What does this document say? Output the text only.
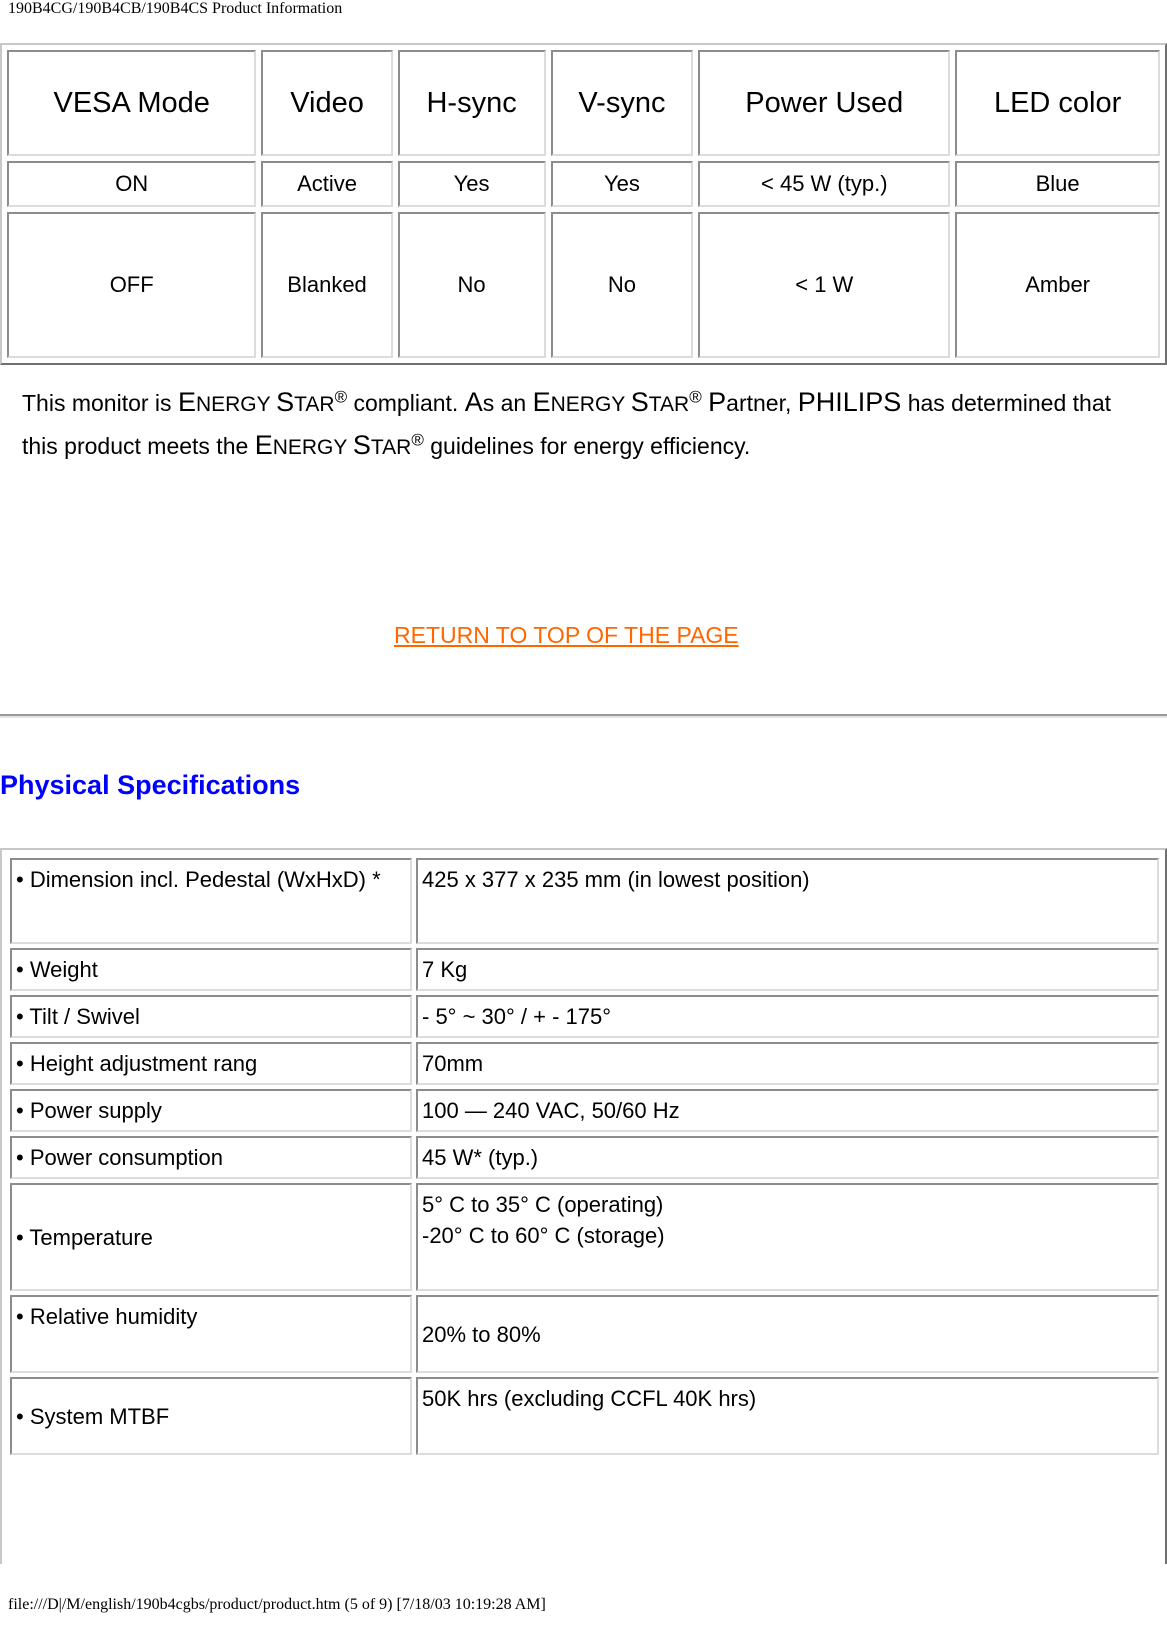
190B4CG/190B4CB/190B4CS Product Information
VESA Mode	Video	H-sync	V-sync	Power Used	LED color
ON	Active	Yes	Yes	< 45 W (typ.)	Blue
OFF	Blanked	No	No	< 1 W	Amber
This monitor is ENERGY STAR® compliant. As an ENERGY STAR® Partner, PHILIPS has determined that this product meets the ENERGY STAR® guidelines for energy efficiency.
RETURN TO TOP OF THE PAGE
Physical Specifications
• Dimension incl. Pedestal (WxHxD) *	425 x 377 x 235 mm (in lowest position)
• Weight	7 Kg
• Tilt / Swivel	- 5° ~ 30° / + - 175°
• Height adjustment rang	70mm
• Power supply	100 — 240 VAC, 50/60 Hz
• Power consumption	45 W* (typ.)
• Temperature	5° C to 35° C (operating)
-20° C to 60° C (storage)

• Relative humidity	20% to 80%
• System MTBF	50K hrs (excluding CCFL 40K hrs)
file:///D|/M/english/190b4cgbs/product/product.htm (5 of 9) [7/18/03 10:19:28 AM]
